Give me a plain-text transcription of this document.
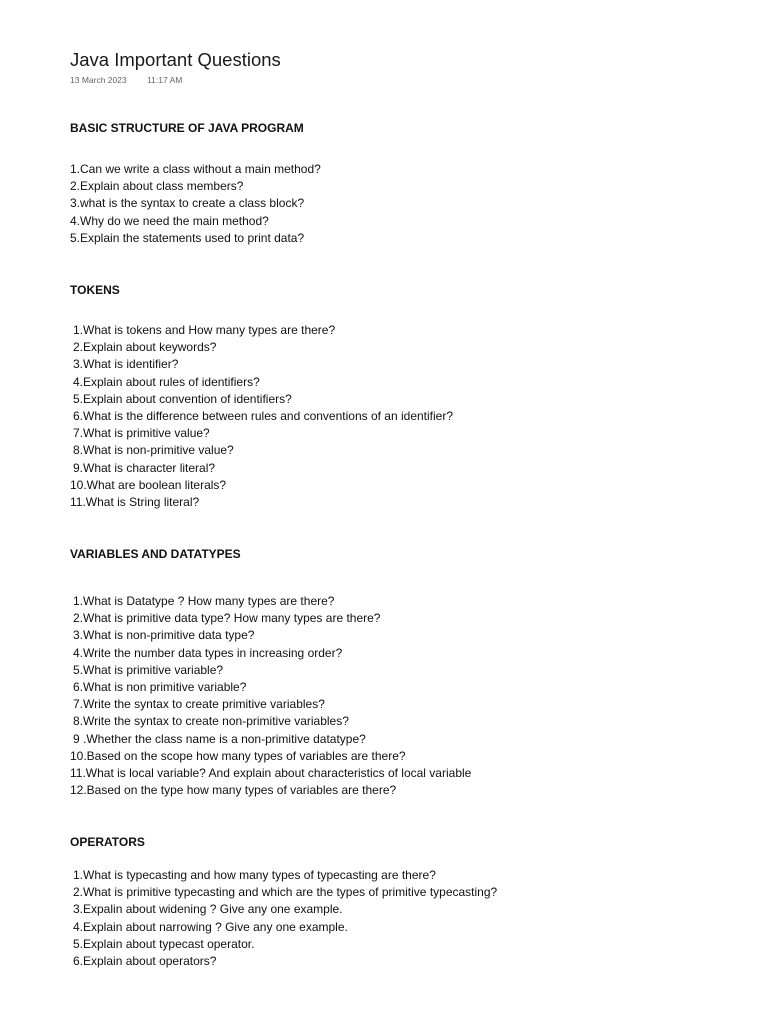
Java Important Questions
13 March 2023 11:17 AM
BASIC STRUCTURE OF JAVA PROGRAM
1.Can we write a class without a main method?
2.Explain about class members?
3.what is the syntax to create a class block?
4.Why do we need the main method?
5.Explain the statements used to print data?
TOKENS
1.What is tokens and How many types are there?
2.Explain about keywords?
3.What is identifier?
4.Explain about rules of identifiers?
5.Explain about convention of identifiers?
6.What is the difference between rules and conventions of an identifier?
7.What is primitive value?
8.What is non-primitive value?
9.What is character literal?
10.What are boolean literals?
11.What is String literal?
VARIABLES AND DATATYPES
1.What is Datatype ? How many types are there?
2.What is primitive data type? How many types are there?
3.What is non-primitive data type?
4.Write the number data types in increasing order?
5.What is primitive variable?
6.What is non primitive variable?
7.Write the syntax to create primitive variables?
8.Write the syntax to create non-primitive variables?
9 .Whether the class name is a non-primitive datatype?
10.Based on the scope how many types of variables are there?
11.What is local variable? And explain about characteristics of local variable
12.Based on the type how many types of variables are there?
OPERATORS
1.What is typecasting and how many types of typecasting are there?
2.What is primitive typecasting and which are the types of primitive typecasting?
3.Expalin about widening ? Give any one example.
4.Explain about narrowing ? Give any one example.
5.Explain about typecast operator.
6.Explain about operators?
